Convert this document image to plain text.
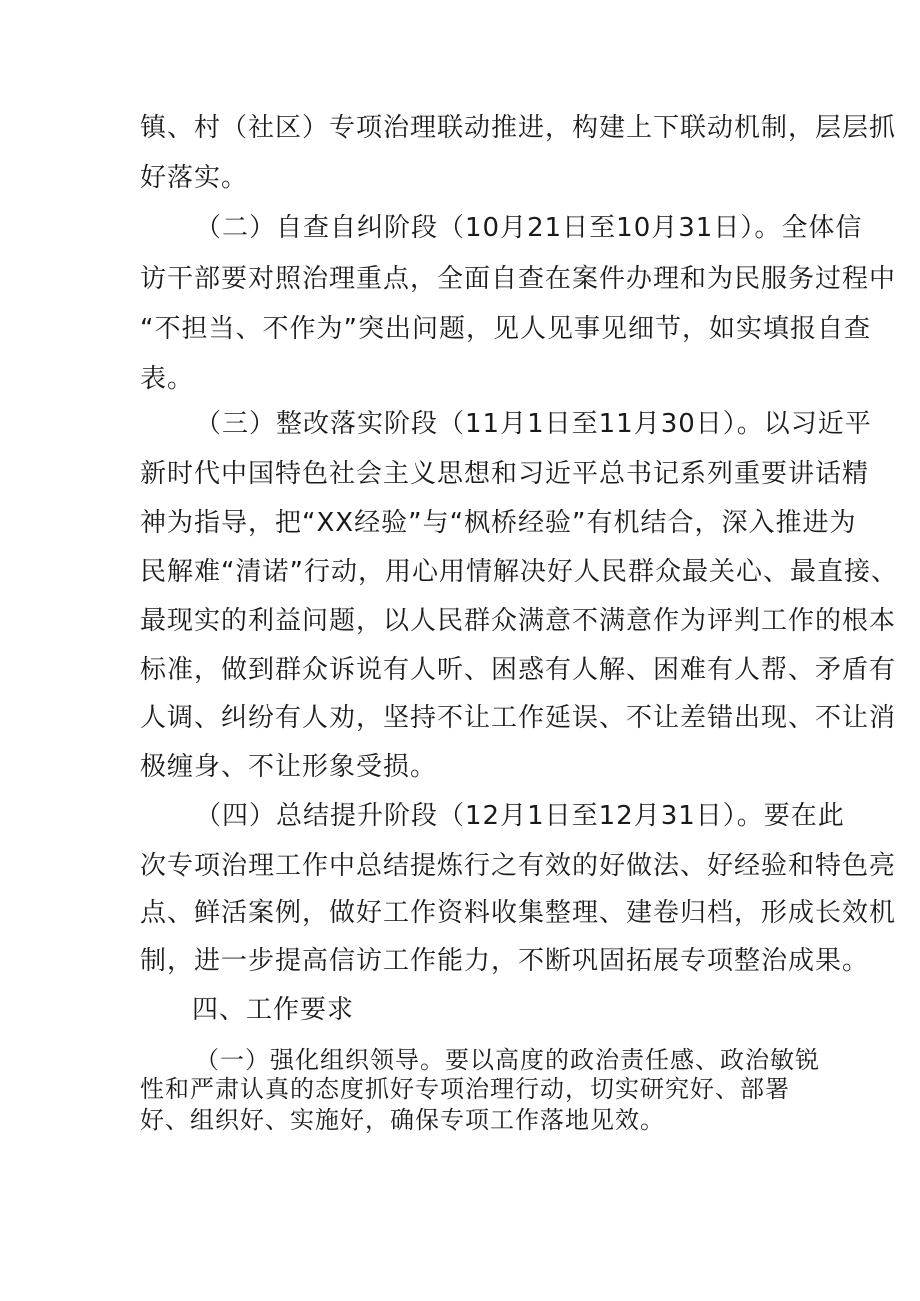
镇、村（社区）专项治理联动推进，构建上下联动机制，层层抓
好落实。
（二）自查自纠阶段（10月21日至10月31日）。全体信
访干部要对照治理重点，全面自查在案件办理和为民服务过程中
“不担当、不作为”突出问题，见人见事见细节，如实填报自查
表。
（三）整改落实阶段（11月1日至11月30日）。以习近平
新时代中国特色社会主义思想和习近平总书记系列重要讲话精
神为指导，把“XX经验”与“枫桥经验”有机结合，深入推进为
民解难“清诺”行动，用心用情解决好人民群众最关心、最直接、
最现实的利益问题，以人民群众满意不满意作为评判工作的根本
标准，做到群众诉说有人听、困惑有人解、困难有人帮、矛盾有
人调、纠纷有人劝，坚持不让工作延误、不让差错出现、不让消
极缠身、不让形象受损。
（四）总结提升阶段（12月1日至12月31日）。要在此
次专项治理工作中总结提炼行之有效的好做法、好经验和特色亮
点、鲜活案例，做好工作资料收集整理、建卷归档，形成长效机
制，进一步提高信访工作能力，不断巩固拓展专项整治成果。
四、工作要求
（一）强化组织领导。要以高度的政治责任感、政治敏锐
性和严肃认真的态度抓好专项治理行动，切实研究好、部署
好、组织好、实施好，确保专项工作落地见效。
